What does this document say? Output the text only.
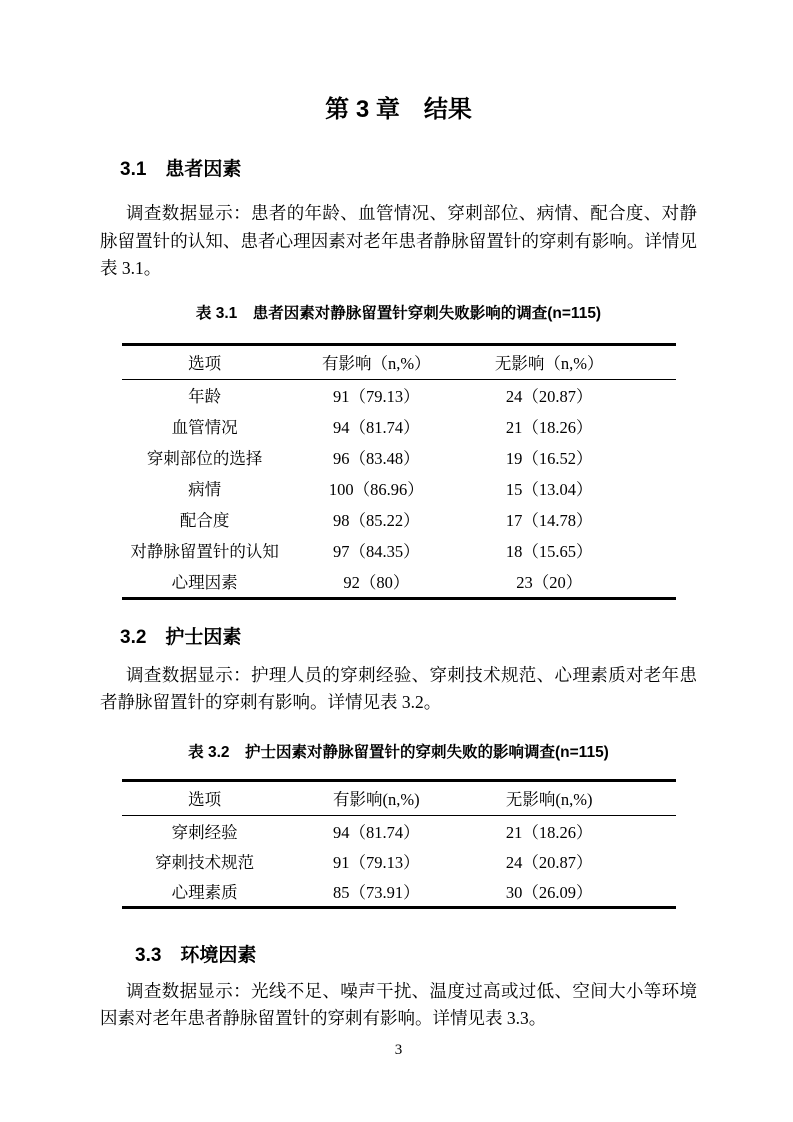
第 3 章　结果
3.1　患者因素

调查数据显示：患者的年龄、血管情况、穿刺部位、病情、配合度、对静脉留置针的认知、患者心理因素对老年患者静脉留置针的穿刺有影响。详情见表 3.1。

表 3.1　患者因素对静脉留置针穿刺失败影响的调查(n=115)
选项	有影响（n,%）	无影响（n,%）
年龄	91（79.13）	24（20.87）
血管情况	94（81.74）	21（18.26）
穿刺部位的选择	96（83.48）	19（16.52）
病情	100（86.96）	15（13.04）
配合度	98（85.22）	17（14.78）
对静脉留置针的认知	97（84.35）	18（15.65）
心理因素	92（80）	23（20）
3.2　护士因素

调查数据显示：护理人员的穿刺经验、穿刺技术规范、心理素质对老年患者静脉留置针的穿刺有影响。详情见表 3.2。

表 3.2　护士因素对静脉留置针的穿刺失败的影响调查(n=115)
选项	有影响(n,%)	无影响(n,%)
穿刺经验	94（81.74）	21（18.26）
穿刺技术规范	91（79.13）	24（20.87）
心理素质	85（73.91）	30（26.09）
3.3　环境因素

调查数据显示：光线不足、噪声干扰、温度过高或过低、空间大小等环境因素对老年患者静脉留置针的穿刺有影响。详情见表 3.3。

3
